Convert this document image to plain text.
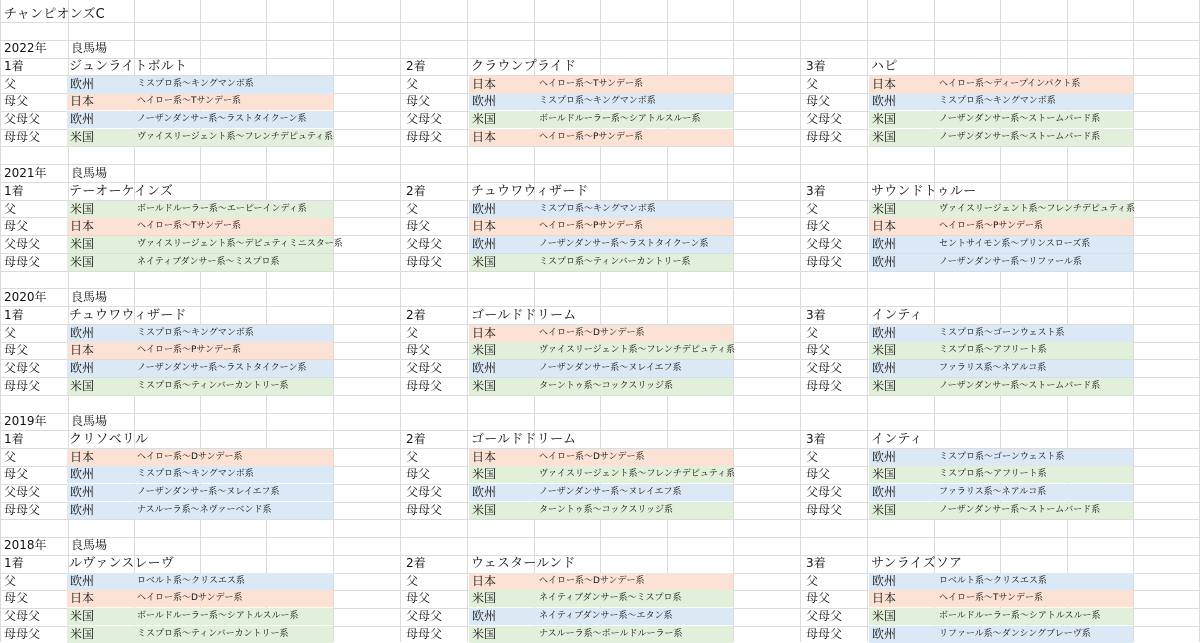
チャンピオンズC
2022年 良馬場
1着	ジュンライトボルト
父	欧州	ミスプロ系～キングマンボ系
母父	日本	ヘイロー系～Tサンデー系
父母父 欧州	ノーザンダンサー系～ラストタイクーン系
母母父 米国	ヴァイスリージェント系～フレンチデピュティ系
2着	クラウンプライド
父	日本	ヘイロー系～Tサンデー系
母父	欧州	ミスプロ系～キングマンボ系
父母父 米国	ボールドルーラー系～シアトルスルー系
母母父 日本	ヘイロー系～Pサンデー系
3着	ハピ
父	日本	ヘイロー系～ディープインパクト系
母父	欧州	ミスプロ系～キングマンボ系
父母父 米国	ノーザンダンサー系～ストームバード系
母母父 米国	ノーザンダンサー系～ストームバード系
2021年 良馬場
1着	テーオーケインズ
父	米国	ボールドルーラー系～エーピーインディ系
母父	日本	ヘイロー系～Tサンデー系
父母父 米国	ヴァイスリージェント系～デピュティミニスター系
母母父 米国	ネイティブダンサー系～ミスプロ系
2着	チュウワウィザード
父	欧州	ミスプロ系～キングマンボ系
母父	日本	ヘイロー系～Pサンデー系
父母父 欧州	ノーザンダンサー系～ラストタイクーン系
母母父 米国	ミスプロ系～ティンバーカントリー系
3着	サウンドトゥルー
父	米国	ヴァイスリージェント系～フレンチデピュティ系
母父	日本	ヘイロー系～Pサンデー系
父母父 欧州	セントサイモン系～プリンスローズ系
母母父 欧州	ノーザンダンサー系～リファール系
2020年 良馬場
1着	チュウワウィザード
父	欧州	ミスプロ系～キングマンボ系
母父	日本	ヘイロー系～Pサンデー系
父母父 欧州	ノーザンダンサー系～ラストタイクーン系
母母父 米国	ミスプロ系～ティンバーカントリー系
2着	ゴールドドリーム
父	日本	ヘイロー系～Dサンデー系
母父	米国	ヴァイスリージェント系～フレンチデピュティ系
父母父 欧州	ノーザンダンサー系～ヌレイエフ系
母母父 米国	ターントゥ系～コックスリッジ系
3着	インティ
父	欧州	ミスプロ系～ゴーンウェスト系
母父	米国	ミスプロ系～アフリート系
父母父 欧州	ファラリス系～ネアルコ系
母母父 米国	ノーザンダンサー系～ストームバード系
2019年 良馬場
1着	クリソベリル
父	日本	ヘイロー系～Dサンデー系
母父	欧州	ミスプロ系～キングマンボ系
父母父 欧州	ノーザンダンサー系～ヌレイエフ系
母母父 欧州	ナスルーラ系～ネヴァーベンド系
2着	ゴールドドリーム
父	日本	ヘイロー系～Dサンデー系
母父	米国	ヴァイスリージェント系～フレンチデピュティ系
父母父 欧州	ノーザンダンサー系～ヌレイエフ系
母母父 米国	ターントゥ系～コックスリッジ系
3着	インティ
父	欧州	ミスプロ系～ゴーンウェスト系
母父	米国	ミスプロ系～アフリート系
父母父 欧州	ファラリス系～ネアルコ系
母母父 米国	ノーザンダンサー系～ストームバード系
2018年 良馬場
1着	ルヴァンスレーヴ
父	欧州	ロベルト系～クリスエス系
母父	日本	ヘイロー系～Dサンデー系
父母父 米国	ボールドルーラー系～シアトルスルー系
母母父 米国	ミスプロ系～ティンバーカントリー系
2着	ウェスタールンド
父	日本	ヘイロー系～Dサンデー系
母父	米国	ネイティブダンサー系～ミスプロ系
父母父 欧州	ネイティブダンサー系～エタン系
母母父 米国	ナスルーラ系～ボールドルーラー系
3着	サンライズソア
父	欧州	ロベルト系～クリスエス系
母父	日本	ヘイロー系～Tサンデー系
父母父 米国	ボールドルーラー系～シアトルスルー系
母母父 欧州	リファール系～ダンシングブレーヴ系
